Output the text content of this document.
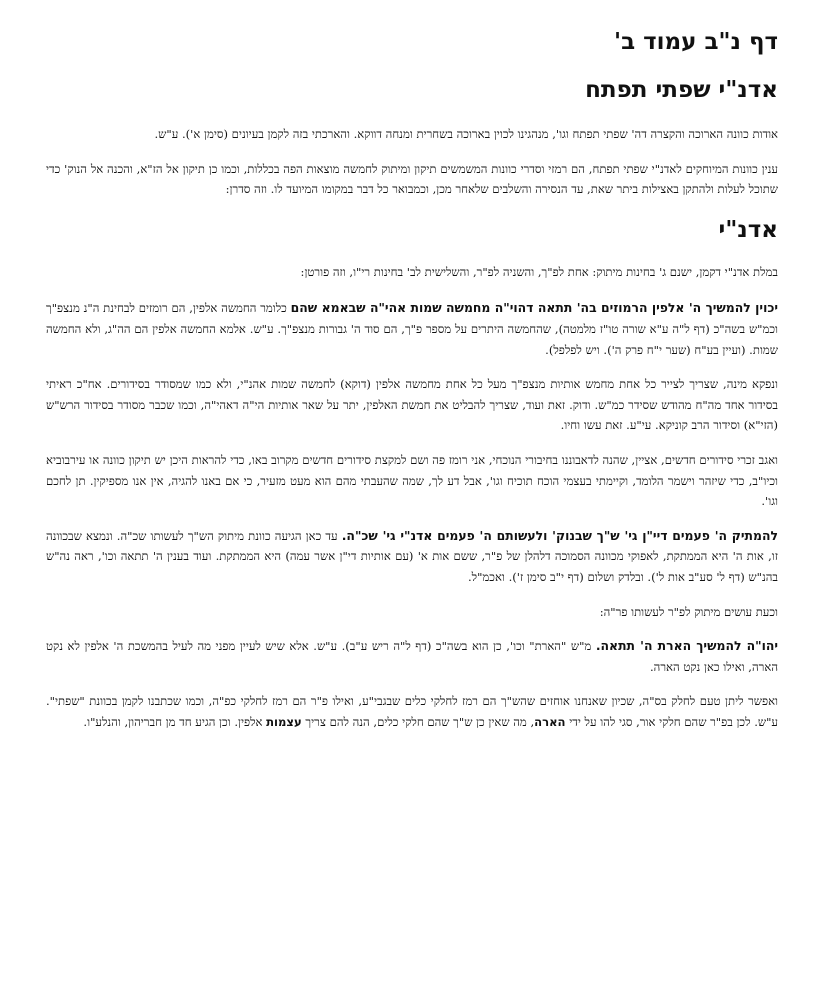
דף נ"ב עמוד ב'
אדנ"י שפתי תפתח

אודות כוונה הארוכה והקצרה דה' שפתי תפתח וגו', מנהגינו לכוין בארוכה בשחרית ומנחה דווקא. והארכתי בזה לקמן בעיונים (סימן א'). ע"ש.

ענין כוונות המיוחקים לאדנ"י שפתי תפתח, הם רמזי וסדרי כוונות המשמשים תיקון ומיתוק לחמשה מוצאות הפה בכללות, וכמו כן תיקון אל הז"א, והכנה אל הנוק' כדי שתוכל לעלות ולהתקן באצילות ביתר שאת, עד הנסירה והשלבים שלאחר מכן, וכמבואר כל דבר במקומו המיועד לו. וזה סדרן:

אדנ"י

במלת אדנ"י דקמן, ישנם ג' בחינות מיתוק: אחת לפ"ך, והשניה לפ"ר, והשלישית לב' בחינות רי"ו, וזה פורטן:

יכוין להמשיך ה' אלפין הרמוזים בה' תתאה דהוי"ה מחמשה שמות אהי"ה שבאמא שהם כלומר החמשה אלפין, הם רומזים לבחינת ה"נ מנצפ"ך וכמ"ש בשה"כ (דף ל"ה ע"א שורה טו"ז מלמטה), שהחמשה היתרים על מספר פ"ך, הם סוד ה' גבורות מנצפ"ך. ע"ש. אלמא החמשה אלפין הם הה"ג, ולא החמשה שמות. (ועיין בע"ח (שער י"ח פרק ה'). ויש לפלפל).

ונפקא מינה, שצריך לצייר כל אחת מחמש אותיות מנצפ"ך מעל כל אחת מחמשה אלפין (דוקא) לחמשה שמות אהנ"י, ולא כמו שמסודר בסידורים. אח"כ ראיתי בסידור אחד מה"ח מהודש שסידר כמ"ש. ודוק. זאת ועוד, שצריך להבליט את חמשת האלפין, יתר על שאר אותיות הי"ה דאהי"ה, וכמו שכבר מסודר בסידור הרש"ש (הזי"א) וסידור הרב קוניקא. עי"ע. זאת עשו וחיו.

ואגב זכרי סידורים חדשים, אציין, שהנה לדאבוננו בחיבורי הנוכחי, אני רומז פה ושם למקצת סידורים חדשים מקרוב באו, כדי להראות היכן יש תיקון כוונה או עירבוביא וכיו"ב, כדי שיזהר וישמר הלומד, וקיימתי בעצמי הוכח תוכיח וגו', אבל דע לך, שמה שהעבתי מהם הוא מעט מזעיר, כי אם באנו להגיה, אין אנו מספיקין. תן לחכם וגו'.

להמתיק ה' פעמים דיי"ן גי' ש"ך שבנוק' ולעשותם ה' פעמים אדנ"י גי' שכ"ה. עד כאן הגיעה כוונת מיתוק הש"ך לעשותו שכ"ה. ונמצא שבכוונה זו, אות ה' היא הממתקת, לאפוקי מכוונה הסמוכה דלהלן של פ"ר, ששם אות א' (עם אותיות די"ן אשר עמה) היא הממתקת. ועוד בענין ה' תתאה וכו', ראה נה"ש בהנ"ש (דף ל' סע"ב אות ל'). ובלדק ושלום (דף י"ב סימן ז'). ואכמ"ל.

וכעת עושים מיתוק לפ"ר לעשותו פר"ה:

יהו"ה להמשיך הארת ה' תתאה. מ"ש "הארת" וכו', כן הוא בשה"כ (דף ל"ה ריש ע"ב). ע"ש. אלא שיש לעיין מפני מה לעיל בהמשכת ה' אלפין לא נקט הארה, ואילו כאן נקט הארה.

ואפשר ליתן טעם לחלק בס"ה, שכיון שאנחנו אוחזים שהש"ך הם רמז לחלקי כלים שבגבי"ע, ואילו פ"ר הם רמז לחלקי כפ"ה, וכמו שכתבנו לקמן בכוונת "שפתי". ע"ש. לכן בפ"ר שהם חלקי אור, סגי להו על ידי הארה, מה שאין כן ש"ך שהם חלקי כלים, הנה להם צריך עצמות אלפין. וכן הגיע חד מן חבריהון, והנלע"ו.
